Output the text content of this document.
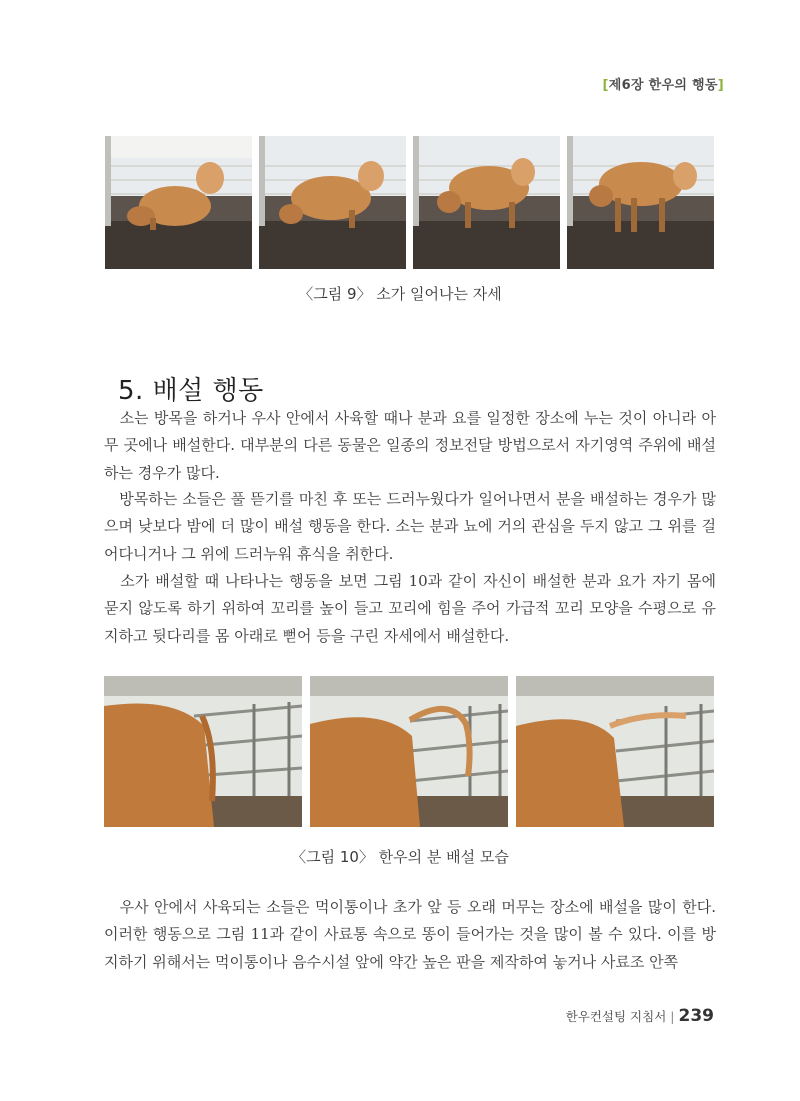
[제6장 한우의 행동]
〈그림 9〉 소가 일어나는 자세
5. 배설 행동

　소는 방목을 하거나 우사 안에서 사육할 때나 분과 요를 일정한 장소에 누는 것이 아니라 아무 곳에나 배설한다. 대부분의 다른 동물은 일종의 정보전달 방법으로서 자기영역 주위에 배설하는 경우가 많다.

　방목하는 소들은 풀 뜯기를 마친 후 또는 드러누웠다가 일어나면서 분을 배설하는 경우가 많으며 낮보다 밤에 더 많이 배설 행동을 한다. 소는 분과 뇨에 거의 관심을 두지 않고 그 위를 걸어다니거나 그 위에 드러누워 휴식을 취한다.

　소가 배설할 때 나타나는 행동을 보면 그림 10과 같이 자신이 배설한 분과 요가 자기 몸에 묻지 않도록 하기 위하여 꼬리를 높이 들고 꼬리에 힘을 주어 가급적 꼬리 모양을 수평으로 유지하고 뒷다리를 몸 아래로 뻗어 등을 구린 자세에서 배설한다.

〈그림 10〉 한우의 분 배설 모습

　우사 안에서 사육되는 소들은 먹이통이나 초가 앞 등 오래 머무는 장소에 배설을 많이 한다. 이러한 행동으로 그림 11과 같이 사료통 속으로 똥이 들어가는 것을 많이 볼 수 있다. 이를 방지하기 위해서는 먹이통이나 음수시설 앞에 약간 높은 판을 제작하여 놓거나 사료조 안쪽

한우컨설팅 지침서 | 239
